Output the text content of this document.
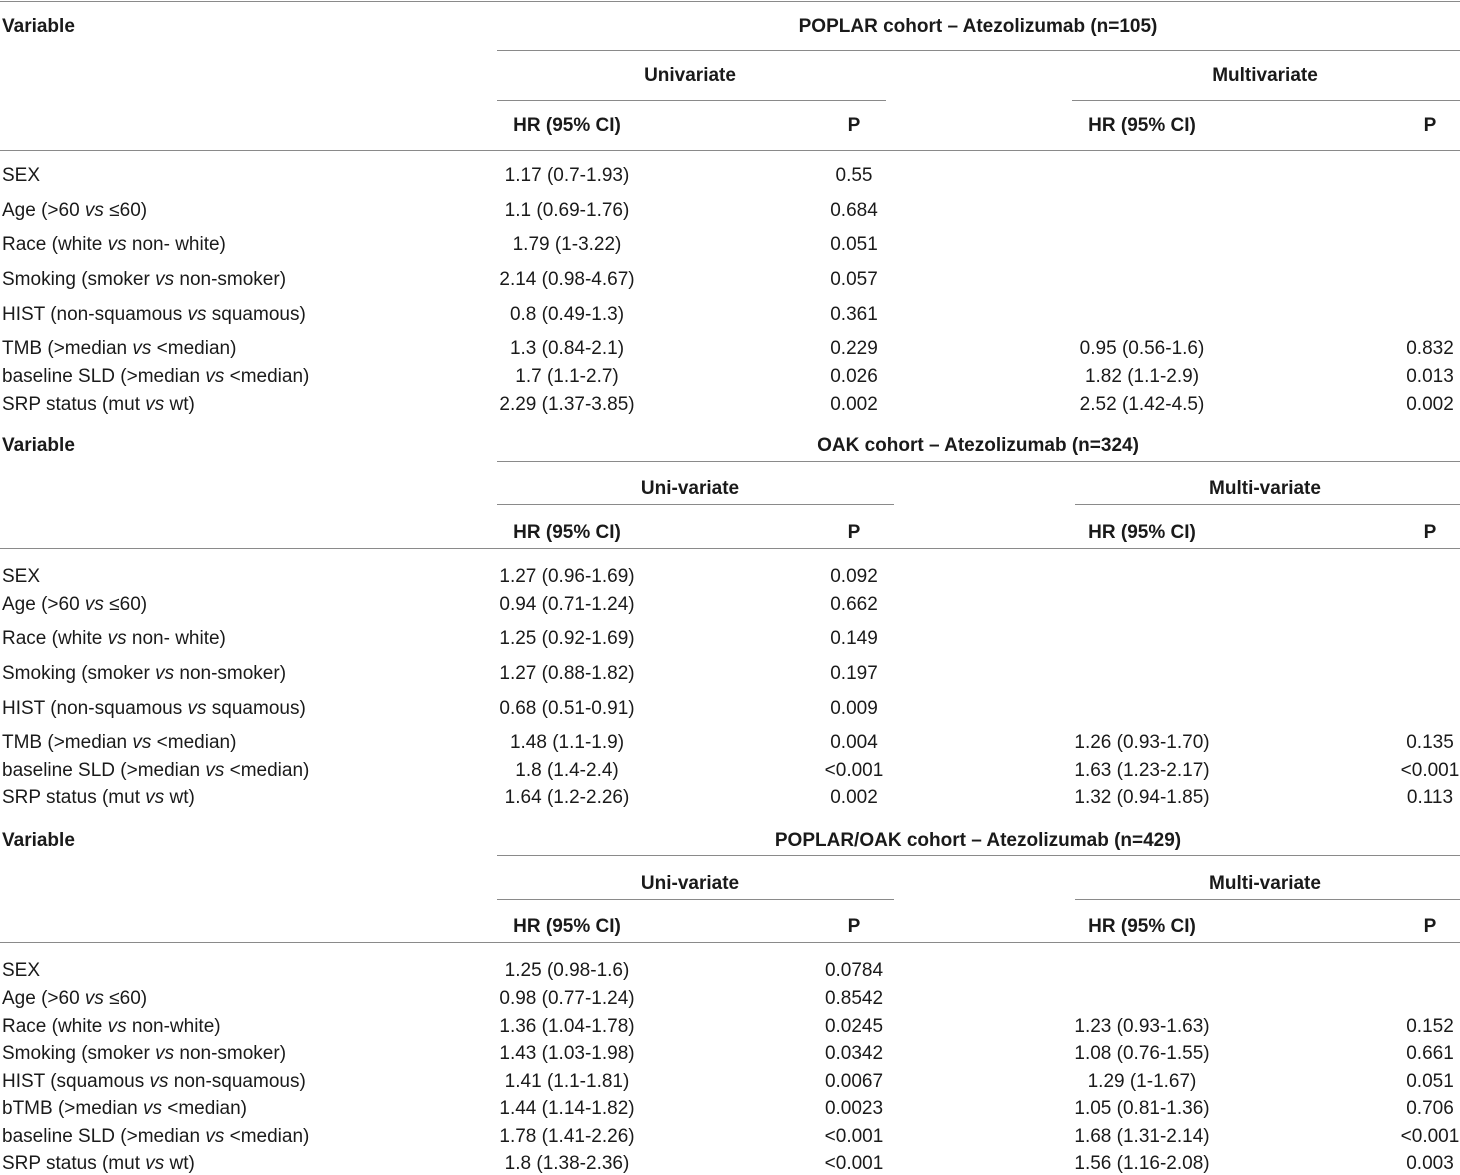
Variable	POPLAR cohort – Atezolizumab (n=105)
Univariate	Multivariate
HR (95% CI)	P	HR (95% CI)	P
SEX	1.17 (0.7-1.93)	0.55
Age (>60 vs ≤60)	1.1 (0.69-1.76)	0.684
Race (white vs non- white)	1.79 (1-3.22)	0.051
Smoking (smoker vs non-smoker)	2.14 (0.98-4.67)	0.057
HIST (non-squamous vs squamous)	0.8 (0.49-1.3)	0.361
TMB (>median vs <median)	1.3 (0.84-2.1)	0.229	0.95 (0.56-1.6)	0.832
baseline SLD (>median vs <median)	1.7 (1.1-2.7)	0.026	1.82 (1.1-2.9)	0.013
SRP status (mut vs wt)	2.29 (1.37-3.85)	0.002	2.52 (1.42-4.5)	0.002
Variable	OAK cohort – Atezolizumab (n=324)
Uni-variate	Multi-variate
HR (95% CI)	P	HR (95% CI)	P
SEX	1.27 (0.96-1.69)	0.092
Age (>60 vs ≤60)	0.94 (0.71-1.24)	0.662
Race (white vs non- white)	1.25 (0.92-1.69)	0.149
Smoking (smoker vs non-smoker)	1.27 (0.88-1.82)	0.197
HIST (non-squamous vs squamous)	0.68 (0.51-0.91)	0.009
TMB (>median vs <median)	1.48 (1.1-1.9)	0.004	1.26 (0.93-1.70)	0.135
baseline SLD (>median vs <median)	1.8 (1.4-2.4)	<0.001	1.63 (1.23-2.17)	<0.001
SRP status (mut vs wt)	1.64 (1.2-2.26)	0.002	1.32 (0.94-1.85)	0.113
Variable	POPLAR/OAK cohort – Atezolizumab (n=429)
Uni-variate	Multi-variate
HR (95% CI)	P	HR (95% CI)	P
SEX	1.25 (0.98-1.6)	0.0784
Age (>60 vs ≤60)	0.98 (0.77-1.24)	0.8542
Race (white vs non-white)	1.36 (1.04-1.78)	0.0245	1.23 (0.93-1.63)	0.152
Smoking (smoker vs non-smoker)	1.43 (1.03-1.98)	0.0342	1.08 (0.76-1.55)	0.661
HIST (squamous vs non-squamous)	1.41 (1.1-1.81)	0.0067	1.29 (1-1.67)	0.051
bTMB (>median vs <median)	1.44 (1.14-1.82)	0.0023	1.05 (0.81-1.36)	0.706
baseline SLD (>median vs <median)	1.78 (1.41-2.26)	<0.001	1.68 (1.31-2.14)	<0.001
SRP status (mut vs wt)	1.8 (1.38-2.36)	<0.001	1.56 (1.16-2.08)	0.003
